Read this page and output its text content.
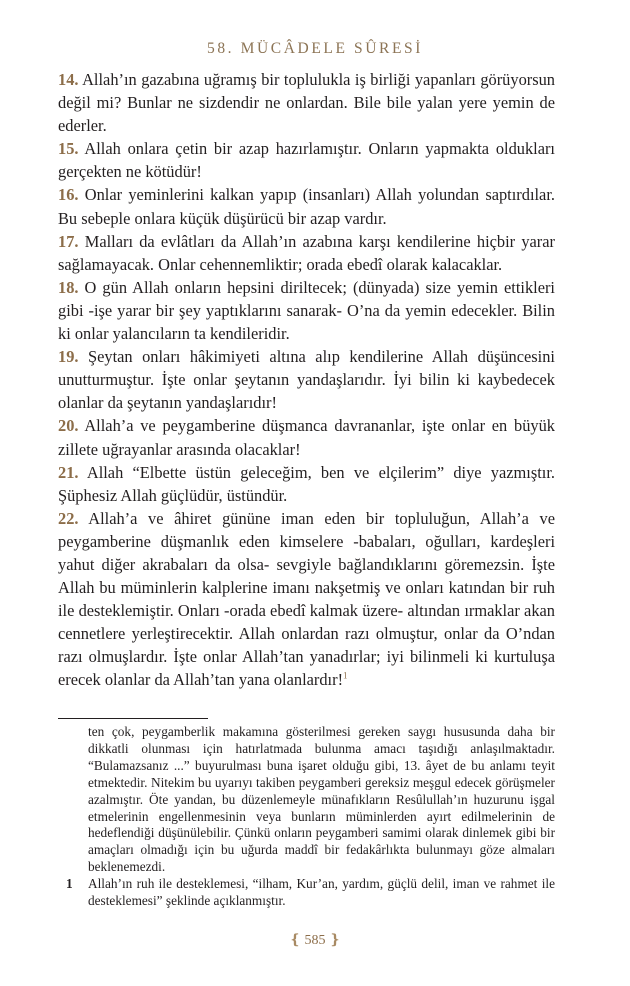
58. MÜCÂDELE SÛRESİ

14. Allah’ın gazabına uğramış bir toplulukla iş birliği yapanları görüyorsun değil mi? Bunlar ne sizdendir ne onlardan. Bile bile yalan yere yemin de ederler.

15. Allah onlara çetin bir azap hazırlamıştır. Onların yapmakta oldukları gerçekten ne kötüdür!

16. Onlar yeminlerini kalkan yapıp (insanları) Allah yolundan saptırdılar. Bu sebeple onlara küçük düşürücü bir azap vardır.

17. Malları da evlâtları da Allah’ın azabına karşı kendilerine hiçbir yarar sağlamayacak. Onlar cehennemliktir; orada ebedî olarak kalacaklar.

18. O gün Allah onların hepsini diriltecek; (dünyada) size yemin ettikleri gibi -işe yarar bir şey yaptıklarını sanarak- O’na da yemin edecekler. Bilin ki onlar yalancıların ta kendileridir.

19. Şeytan onları hâkimiyeti altına alıp kendilerine Allah düşüncesini unutturmuştur. İşte onlar şeytanın yandaşlarıdır. İyi bilin ki kaybedecek olanlar da şeytanın yandaşlarıdır!

20. Allah’a ve peygamberine düşmanca davrananlar, işte onlar en büyük zillete uğrayanlar arasında olacaklar!

21. Allah “Elbette üstün geleceğim, ben ve elçilerim” diye yazmıştır. Şüphesiz Allah güçlüdür, üstündür.

22. Allah’a ve âhiret gününe iman eden bir topluluğun, Allah’a ve peygamberine düşmanlık eden kimselere -babaları, oğulları, kardeşleri yahut diğer akrabaları da olsa- sevgiyle bağlandıklarını göremezsin. İşte Allah bu müminlerin kalplerine imanı nakşetmiş ve onları katından bir ruh ile desteklemiştir. Onları -orada ebedî kalmak üzere- altından ırmaklar akan cennetlere yerleştirecektir. Allah onlardan razı olmuştur, onlar da O’ndan razı olmuşlardır. İşte onlar Allah’tan yanadırlar; iyi bilinmeli ki kurtuluşa erecek olanlar da Allah’tan yana olanlardır!$^1$

ten çok, peygamberlik makamına gösterilmesi gereken saygı hususunda daha bir dikkatli olunması için hatırlatmada bulunma amacı taşıdığı anlaşılmaktadır. “Bulamazsanız ...” buyurulması buna işaret olduğu gibi, 13. âyet de bu anlamı teyit etmektedir. Nitekim bu uyarıyı takiben peygamberi gereksiz meşgul edecek görüşmeler azalmıştır. Öte yandan, bu düzenlemeyle münafıkların Resûlullah’ın huzurunu işgal etmelerinin engellenmesinin veya bunların müminlerden ayırt edilmelerinin de hedeflendiği düşünülebilir. Çünkü onların peygamberi samimi olarak dinlemek gibi bir amaçları olmadığı için bu uğurda maddî bir fedakârlıkta bulunmayı göze almaları beklenemezdi.

1 Allah’ın ruh ile desteklemesi, “ilham, Kur’an, yardım, güçlü delil, iman ve rahmet ile desteklemesi” şeklinde açıklanmıştır.

❴ 585 ❵
